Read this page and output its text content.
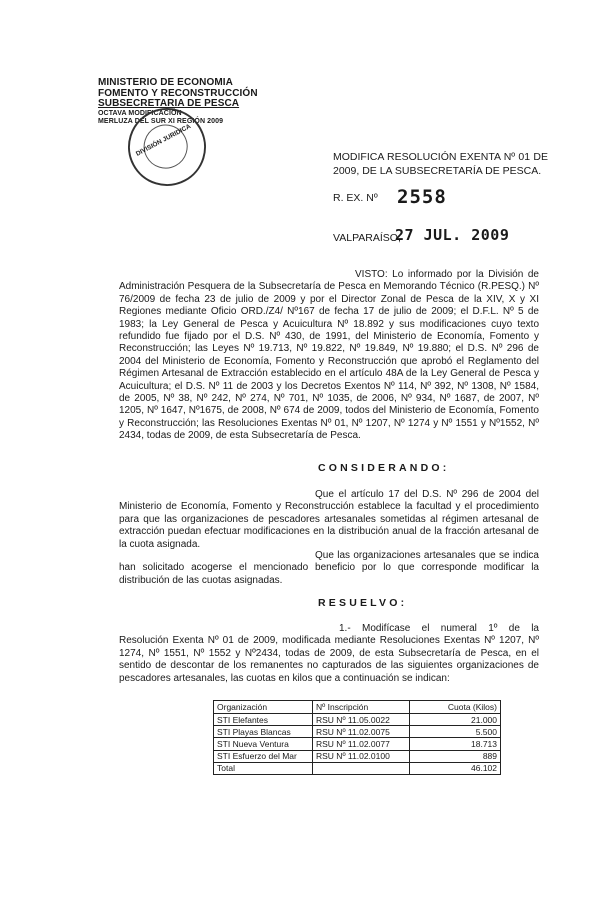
MINISTERIO DE ECONOMIA
FOMENTO Y RECONSTRUCCIÓN
SUBSECRETARIA DE PESCA
OCTAVA MODIFICACIÓN
MERLUZA DEL SUR XI REGIÓN 2009
DIVISIÓN JURIDICA	MODIFICA RESOLUCIÓN EXENTA Nº 01 DE 2009, DE LA SUBSECRETARÍA DE PESCA.
R. EX. Nº 2558
VALPARAÍSO,
27 JUL. 2009
VISTO: Lo informado por la División de Administración Pesquera de la Subsecretaría de Pesca en Memorando Técnico (R.PESQ.) Nº 76/2009 de fecha 23 de julio de 2009 y por el Director Zonal de Pesca de la XIV, X y XI Regiones mediante Oficio ORD./Z4/ Nº167 de fecha 17 de julio de 2009; el D.F.L. Nº 5 de 1983; la Ley General de Pesca y Acuicultura Nº 18.892 y sus modificaciones cuyo texto refundido fue fijado por el D.S. Nº 430, de 1991, del Ministerio de Economía, Fomento y Reconstrucción; las Leyes Nº 19.713, Nº 19.822, Nº 19.849, Nº 19.880; el D.S. Nº 296 de 2004 del Ministerio de Economía, Fomento y Reconstrucción que aprobó el Reglamento del Régimen Artesanal de Extracción establecido en el artículo 48A de la Ley General de Pesca y Acuicultura; el D.S. Nº 11 de 2003 y los Decretos Exentos Nº 114, Nº 392, Nº 1308, Nº 1584, de 2005, Nº 38, Nº 242, Nº 274, Nº 701, Nº 1035, de 2006, Nº 934, Nº 1687, de 2007, Nº 1205, Nº 1647, Nº1675, de 2008, Nº 674 de 2009, todos del Ministerio de Economía, Fomento y Reconstrucción; las Resoluciones Exentas Nº 01, Nº 1207, Nº 1274 y Nº 1551 y Nº1552, Nº 2434, todas de 2009, de esta Subsecretaría de Pesca.
CONSIDERANDO:
Que el artículo 17 del D.S. Nº 296 de 2004 del Ministerio de Economía, Fomento y Reconstrucción establece la facultad y el procedimiento para que las organizaciones de pescadores artesanales sometidas al régimen artesanal de extracción puedan efectuar modificaciones en la distribución anual de la fracción artesanal de la cuota asignada.
Que las organizaciones artesanales que se indica han solicitado acogerse el mencionado beneficio por lo que corresponde modificar la distribución de las cuotas asignadas.
RESUELVO:
1.- Modifícase el numeral 1º de la Resolución Exenta Nº 01 de 2009, modificada mediante Resoluciones Exentas Nº 1207, Nº 1274, Nº 1551, Nº 1552 y Nº2434, todas de 2009, de esta Subsecretaría de Pesca, en el sentido de descontar de los remanentes no capturados de las siguientes organizaciones de pescadores artesanales, las cuotas en kilos que a continuación se indican:
Organización	Nº Inscripción	Cuota (Kilos)
STI Elefantes	RSU Nº 11.05.0022	21.000
STI Playas Blancas	RSU Nº 11.02.0075	5.500
STI Nueva Ventura	RSU Nº 11.02.0077	18.713
STI Esfuerzo del Mar	RSU Nº 11.02.0100	889
Total		46.102
